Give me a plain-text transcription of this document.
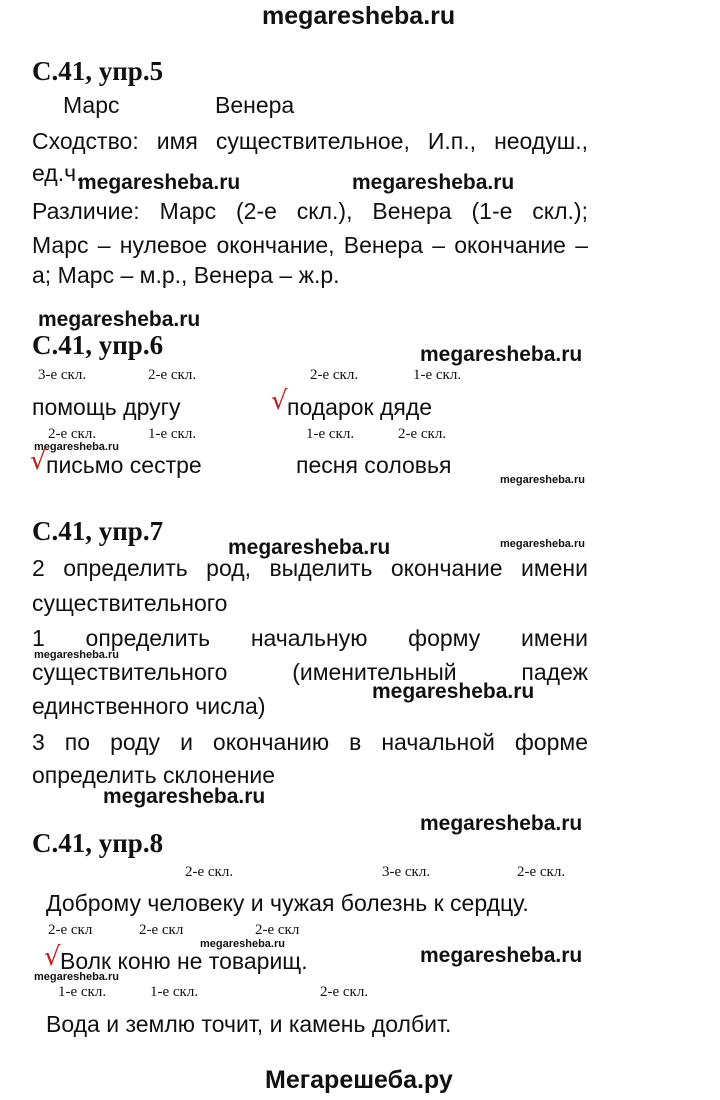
megaresheba.ru
С.41, упр.5
Марс	Венера
Сходство: имя существительное, И.п., неодуш.,
ед.ч.
megaresheba.ru	megaresheba.ru
Различие: Марс (2-е скл.), Венера (1-е скл.);
Марс – нулевое окончание, Венера – окончание –
а; Марс – м.р., Венера – ж.р.
megaresheba.ru
С.41, упр.6	megaresheba.ru
3-е скл.	2-е скл.	2-е скл.	1-е скл.
помощь другу	√ подарок дяде
2-е скл.	1-е скл.	1-е скл.	2-е скл.
megaresheba.ru
√ письмо сестре	песня соловья
megaresheba.ru
С.41, упр.7
megaresheba.ru	megaresheba.ru
2 определить род, выделить окончание имени
существительного
1 определить начальную форму имени
megaresheba.ru
существительного (именительный падеж
megaresheba.ru
единственного числа)
3 по роду и окончанию в начальной форме
определить склонение
megaresheba.ru
megaresheba.ru
С.41, упр.8
2-е скл.	3-е скл.	2-е скл.
Доброму человеку и чужая болезнь к сердцу.
2-е скл	2-е скл	2-е скл
megaresheba.ru
√ Волк коню не товарищ.	megaresheba.ru
megaresheba.ru
1-е скл.	1-е скл.	2-е скл.
Вода и землю точит, и камень долбит.
Мегарешеба.ру
